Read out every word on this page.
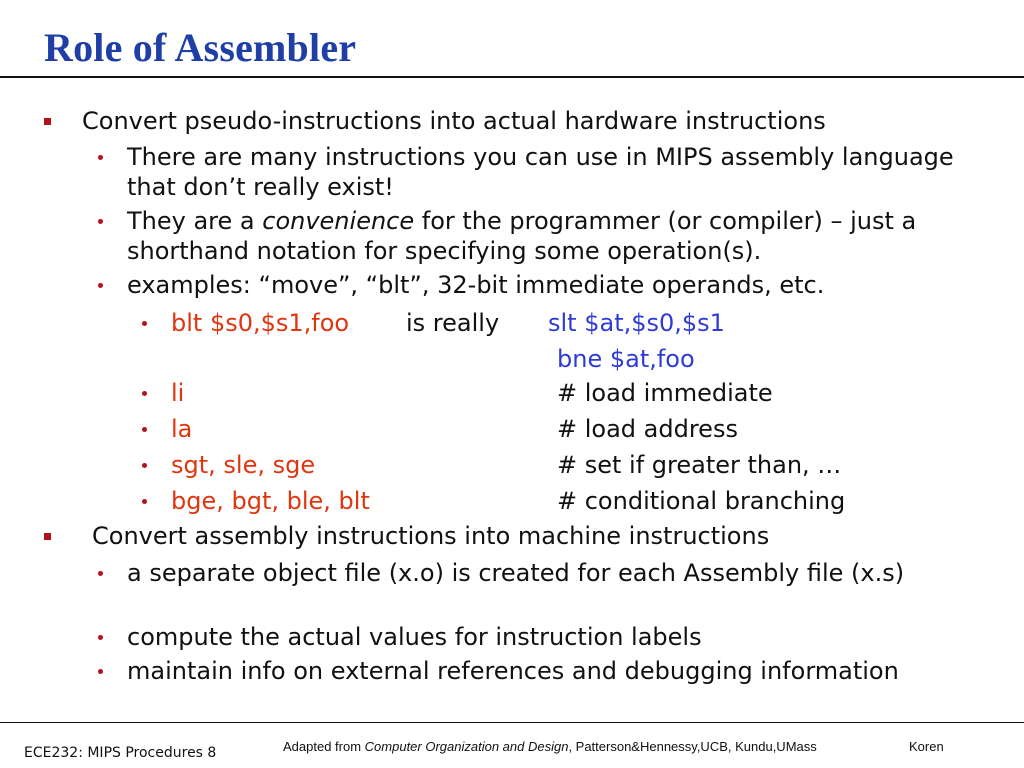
Role of Assembler
Convert pseudo-instructions into actual hardware instructions
There are many instructions you can use in MIPS assembly language that don’t really exist!
They are a convenience for the programmer (or compiler) – just a shorthand notation for specifying some operation(s).
examples: “move”, “blt”, 32-bit immediate operands, etc.
blt $s0,$s1,foo	is really	slt $at,$s0,$s1
bne $at,foo
li	# load immediate
la	# load address
sgt, sle, sge	# set if greater than, …
bge, bgt, ble, blt	# conditional branching
Convert assembly instructions into machine instructions
a separate object file (x.o) is created for each Assembly file (x.s)
compute the actual values for instruction labels
maintain info on external references and debugging information
ECE232: MIPS Procedures 8	Adapted from Computer Organization and Design, Patterson&Hennessy,UCB, Kundu,UMass	Koren
